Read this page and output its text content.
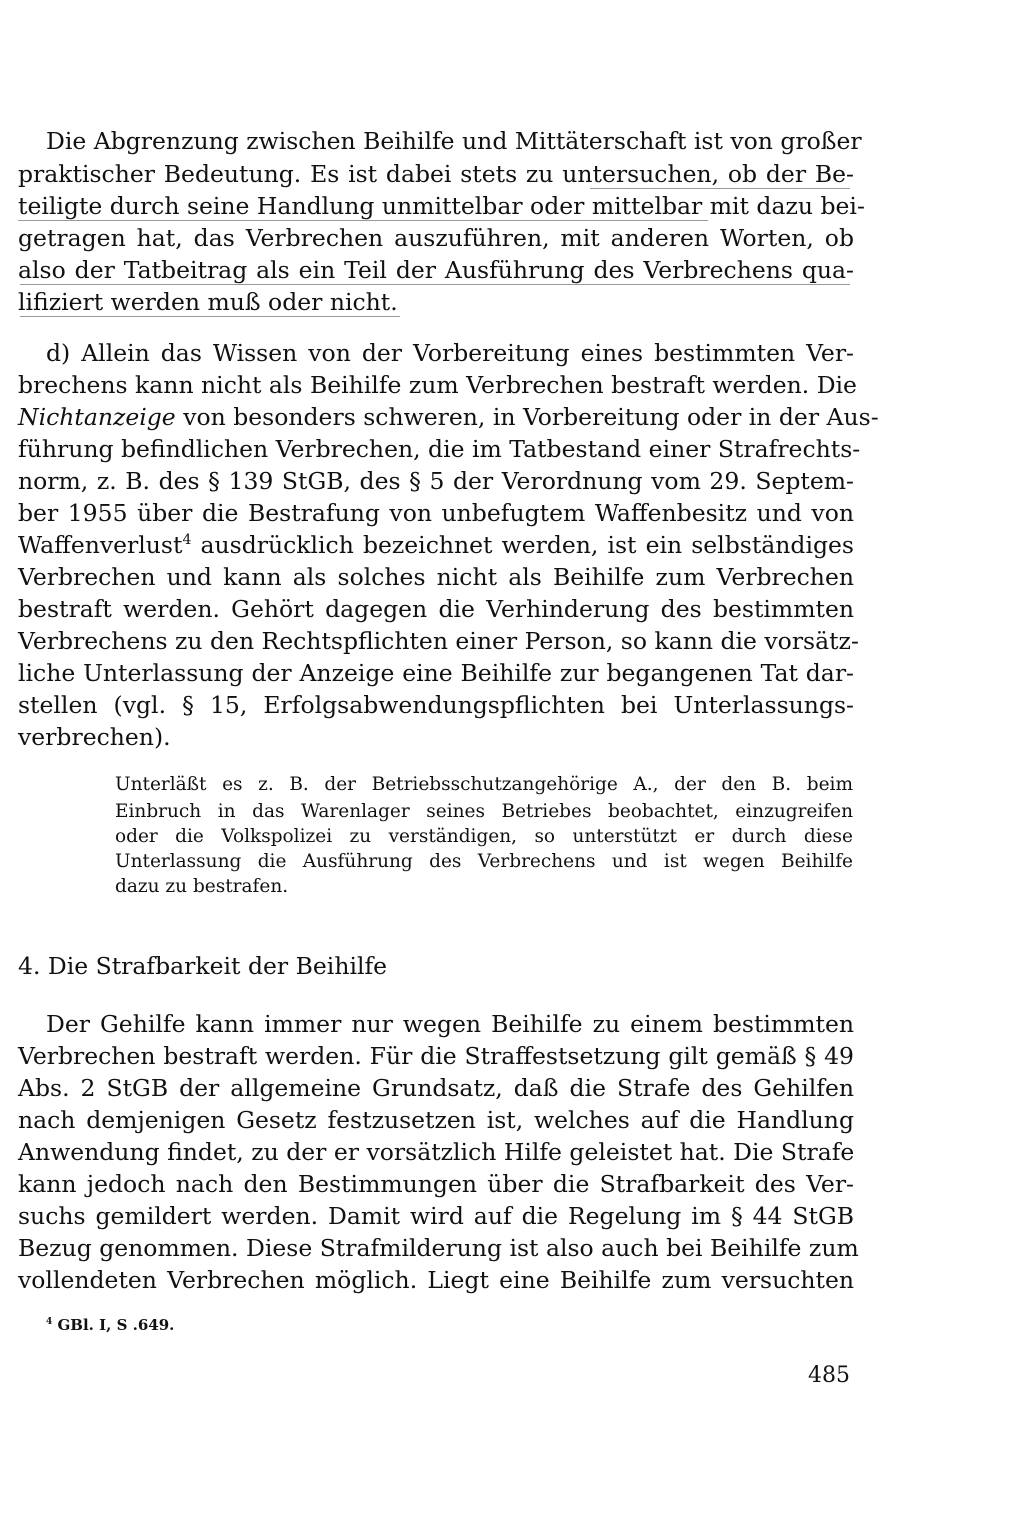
Die Abgrenzung zwischen Beihilfe und Mittäterschaft ist von großer
praktischer Bedeutung. Es ist dabei stets zu untersuchen, ob der Be-
teiligte durch seine Handlung unmittelbar oder mittelbar mit dazu bei-
getragen hat, das Verbrechen auszuführen, mit anderen Worten, ob
also der Tatbeitrag als ein Teil der Ausführung des Verbrechens qua-
lifiziert werden muß oder nicht.
d) Allein das Wissen von der Vorbereitung eines bestimmten Ver-
brechens kann nicht als Beihilfe zum Verbrechen bestraft werden. Die
Nichtanzeige von besonders schweren, in Vorbereitung oder in der Aus-
führung befindlichen Verbrechen, die im Tatbestand einer Strafrechts-
norm, z. B. des § 139 StGB, des § 5 der Verordnung vom 29. Septem-
ber 1955 über die Bestrafung von unbefugtem Waffenbesitz und von
Waffenverlust$^4$ ausdrücklich bezeichnet werden, ist ein selbständiges
Verbrechen und kann als solches nicht als Beihilfe zum Verbrechen
bestraft werden. Gehört dagegen die Verhinderung des bestimmten
Verbrechens zu den Rechtspflichten einer Person, so kann die vorsätz-
liche Unterlassung der Anzeige eine Beihilfe zur begangenen Tat dar-
stellen (vgl. § 15, Erfolgsabwendungspflichten bei Unterlassungs-
verbrechen).
Unterläßt es z. B. der Betriebsschutzangehörige A., der den B. beim
Einbruch in das Warenlager seines Betriebes beobachtet, einzugreifen
oder die Volkspolizei zu verständigen, so unterstützt er durch diese
Unterlassung die Ausführung des Verbrechens und ist wegen Beihilfe
dazu zu bestrafen.
4. Die Strafbarkeit der Beihilfe
Der Gehilfe kann immer nur wegen Beihilfe zu einem bestimmten
Verbrechen bestraft werden. Für die Straffestsetzung gilt gemäß § 49
Abs. 2 StGB der allgemeine Grundsatz, daß die Strafe des Gehilfen
nach demjenigen Gesetz festzusetzen ist, welches auf die Handlung
Anwendung findet, zu der er vorsätzlich Hilfe geleistet hat. Die Strafe
kann jedoch nach den Bestimmungen über die Strafbarkeit des Ver-
suchs gemildert werden. Damit wird auf die Regelung im § 44 StGB
Bezug genommen. Diese Strafmilderung ist also auch bei Beihilfe zum
vollendeten Verbrechen möglich. Liegt eine Beihilfe zum versuchten
$^4$ GBl. I, S .649.
485
